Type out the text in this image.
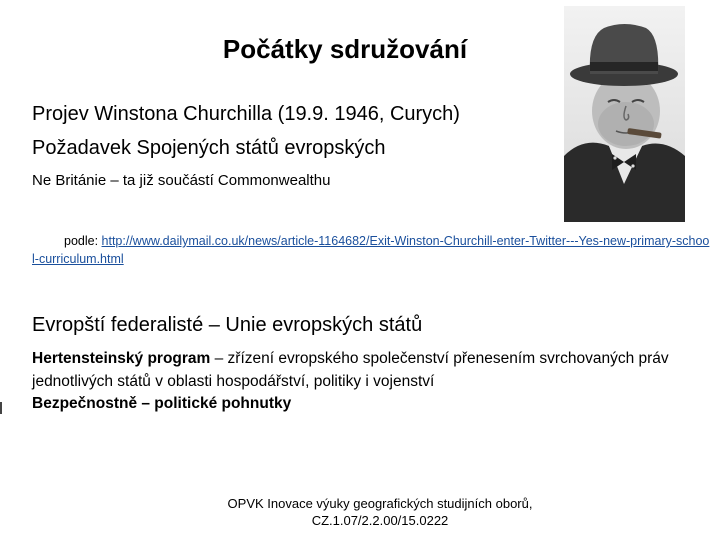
Počátky sdružování
Projev Winstona Churchilla (19.9. 1946, Curych)
Požadavek Spojených států evropských
Ne Británie – ta již součástí Commonwealthu
podle: http://www.dailymail.co.uk/news/article-1164682/Exit-Winston-Churchill-enter-Twitter---Yes-new-primary-school-curriculum.html
Evropští federalisté – Unie evropských států
Hertensteinský program – zřízení evropského společenství přenesením svrchovaných práv jednotlivých států v oblasti hospodářství, politiky i vojenství
Bezpečnostně – politické pohnutky
OPVK Inovace výuky geografických studijních oborů,
CZ.1.07/2.2.00/15.0222
